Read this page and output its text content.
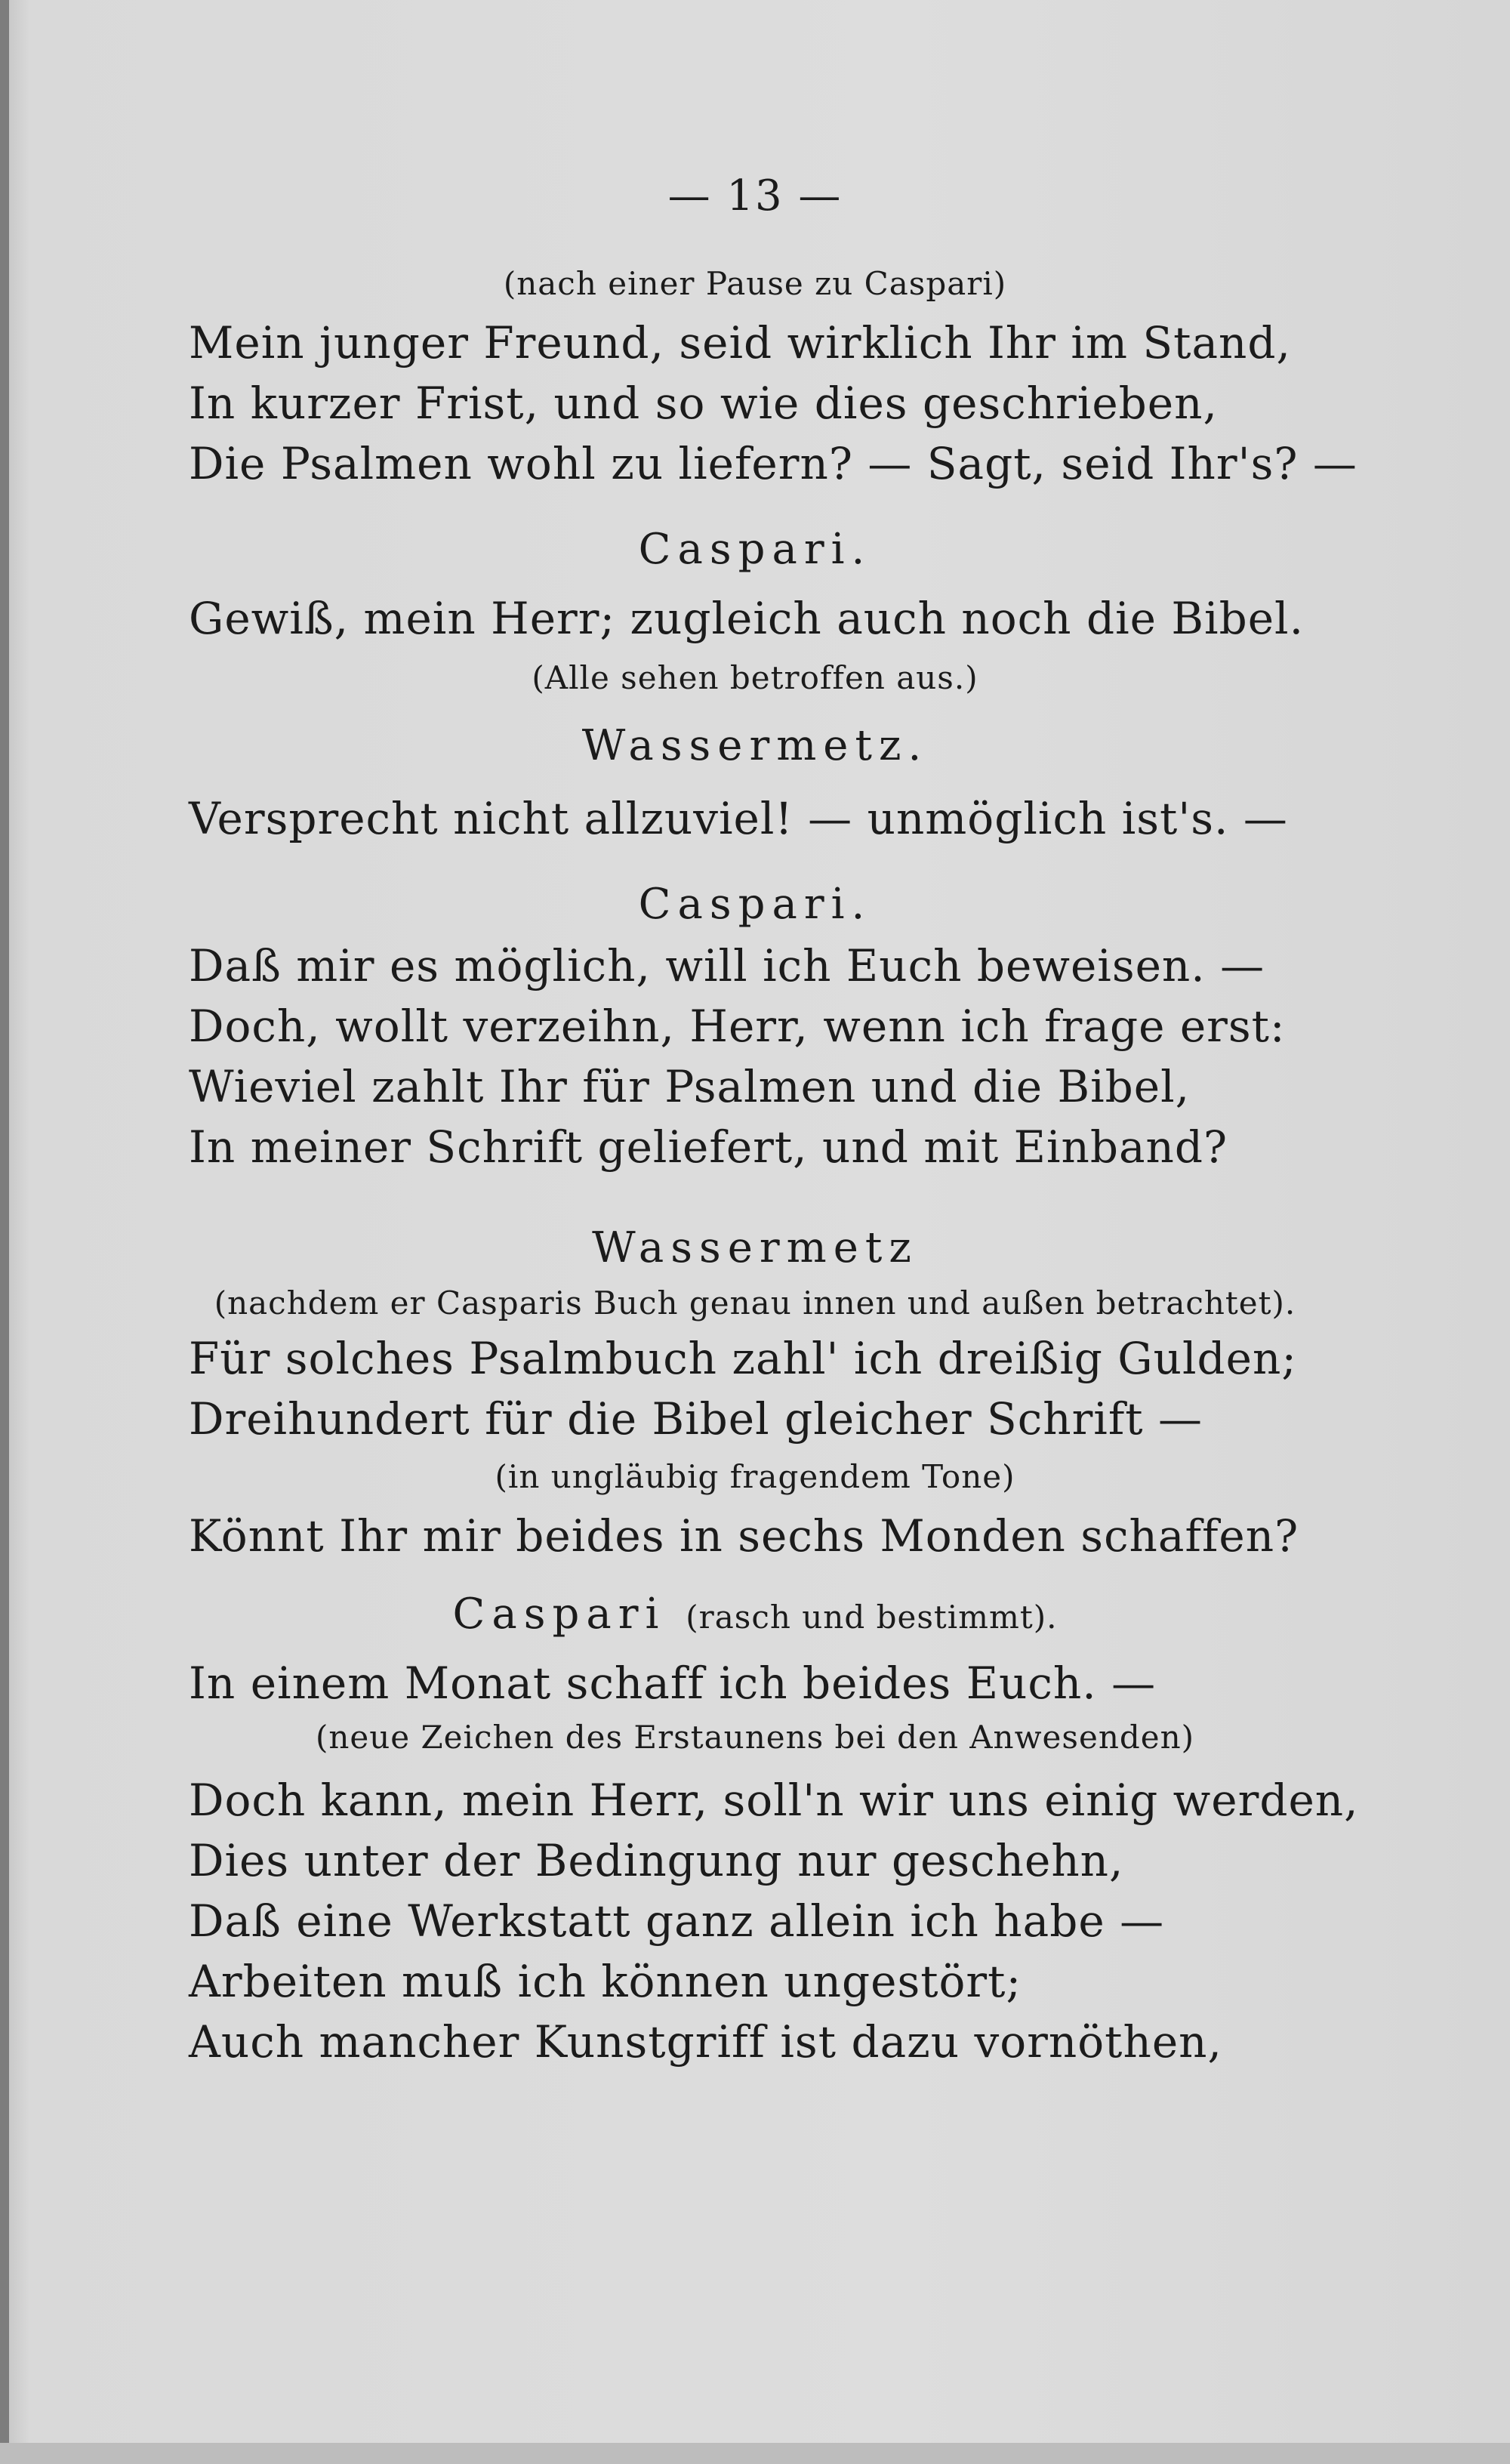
— 13 —
(nach einer Pause zu Caspari)
Mein junger Freund, seid wirklich Ihr im Stand,
In kurzer Frist, und so wie dies geschrieben,
Die Psalmen wohl zu liefern? — Sagt, seid Ihr's? —
Caspari.
Gewiß, mein Herr; zugleich auch noch die Bibel.
(Alle sehen betroffen aus.)
Wassermetz.
Versprecht nicht allzuviel! — unmöglich ist's. —
Caspari.
Daß mir es möglich, will ich Euch beweisen. —
Doch, wollt verzeihn, Herr, wenn ich frage erst:
Wieviel zahlt Ihr für Psalmen und die Bibel,
In meiner Schrift geliefert, und mit Einband?
Wassermetz
(nachdem er Casparis Buch genau innen und außen betrachtet).
Für solches Psalmbuch zahl' ich dreißig Gulden;
Dreihundert für die Bibel gleicher Schrift —
(in ungläubig fragendem Tone)
Könnt Ihr mir beides in sechs Monden schaffen?
Caspari (rasch und bestimmt).
In einem Monat schaff ich beides Euch. —
(neue Zeichen des Erstaunens bei den Anwesenden)
Doch kann, mein Herr, soll'n wir uns einig werden,
Dies unter der Bedingung nur geschehn,
Daß eine Werkstatt ganz allein ich habe —
Arbeiten muß ich können ungestört;
Auch mancher Kunstgriff ist dazu vornöthen,
